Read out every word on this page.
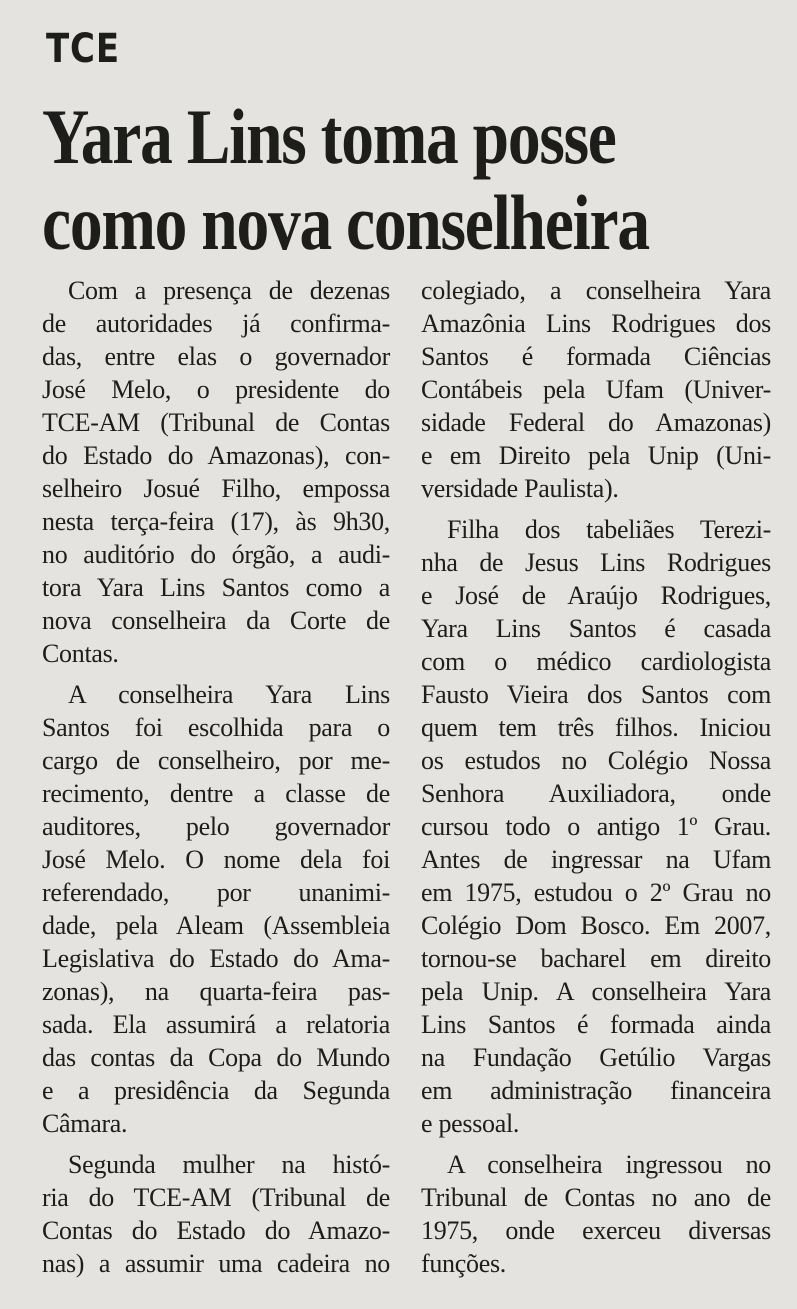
TCE
Yara Lins toma posse
como nova conselheira
Com a presença de dezenas
de autoridades já confirma-
das, entre elas o governador
José Melo, o presidente do
TCE-AM (Tribunal de Contas
do Estado do Amazonas), con-
selheiro Josué Filho, empossa
nesta terça-feira (17), às 9h30,
no auditório do órgão, a audi-
tora Yara Lins Santos como a
nova conselheira da Corte de
Contas.
A conselheira Yara Lins
Santos foi escolhida para o
cargo de conselheiro, por me-
recimento, dentre a classe de
auditores, pelo governador
José Melo. O nome dela foi
referendado, por unanimi-
dade, pela Aleam (Assembleia
Legislativa do Estado do Ama-
zonas), na quarta-feira pas-
sada. Ela assumirá a relatoria
das contas da Copa do Mundo
e a presidência da Segunda
Câmara.
Segunda mulher na histó-
ria do TCE-AM (Tribunal de
Contas do Estado do Amazo-
nas) a assumir uma cadeira no
colegiado, a conselheira Yara
Amazônia Lins Rodrigues dos
Santos é formada Ciências
Contábeis pela Ufam (Univer-
sidade Federal do Amazonas)
e em Direito pela Unip (Uni-
versidade Paulista).
Filha dos tabeliães Terezi-
nha de Jesus Lins Rodrigues
e José de Araújo Rodrigues,
Yara Lins Santos é casada
com o médico cardiologista
Fausto Vieira dos Santos com
quem tem três filhos. Iniciou
os estudos no Colégio Nossa
Senhora Auxiliadora, onde
cursou todo o antigo 1º Grau.
Antes de ingressar na Ufam
em 1975, estudou o 2º Grau no
Colégio Dom Bosco. Em 2007,
tornou-se bacharel em direito
pela Unip. A conselheira Yara
Lins Santos é formada ainda
na Fundação Getúlio Vargas
em administração financeira
e pessoal.
A conselheira ingressou no
Tribunal de Contas no ano de
1975, onde exerceu diversas
funções.
